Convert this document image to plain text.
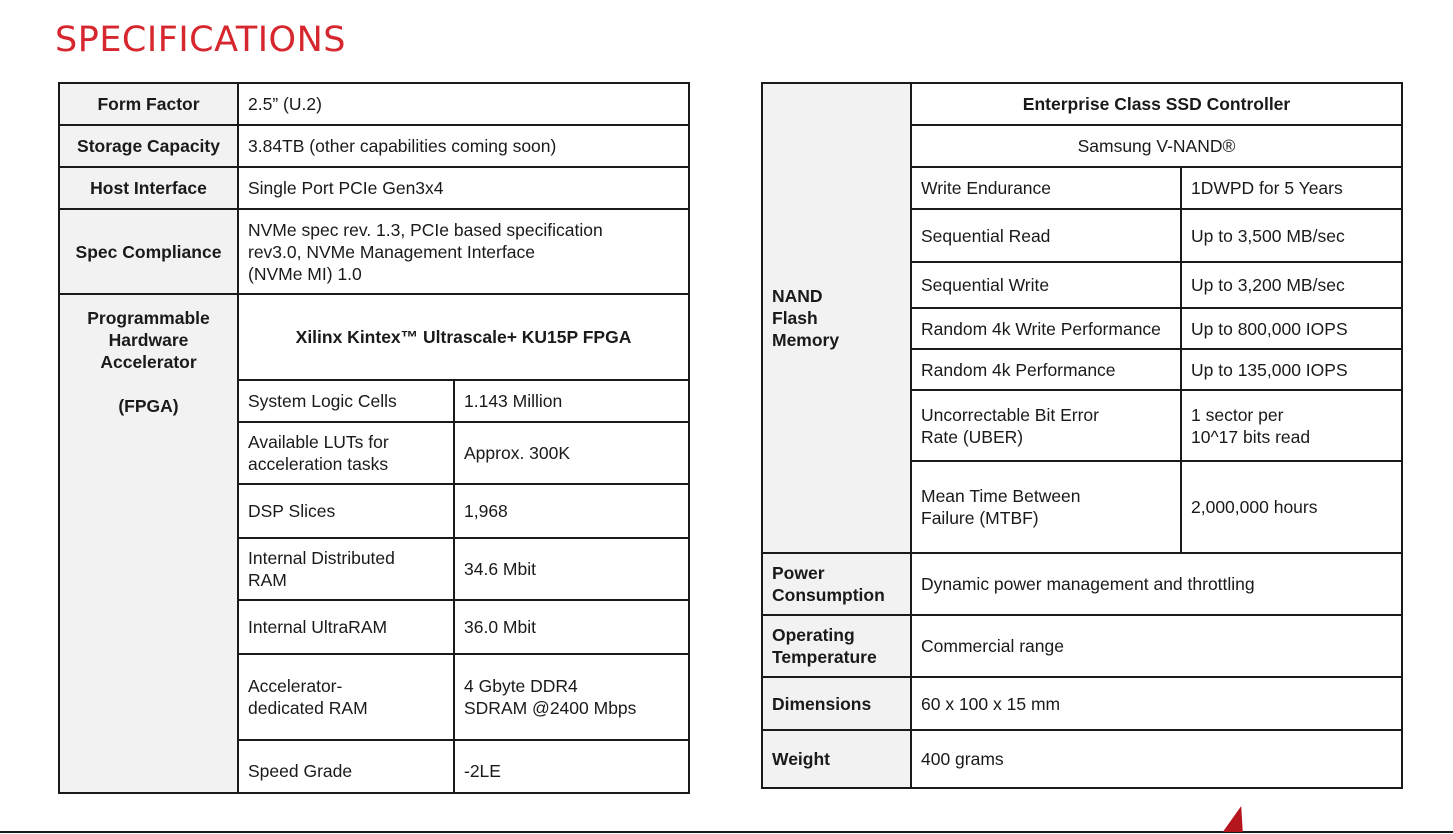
SPECIFICATIONS
Form Factor	2.5” (U.2)	
Storage Capacity	3.84TB (other capabilities coming soon)	
Host Interface	Single Port PCIe Gen3x4	
Spec Compliance	NVMe spec rev. 1.3, PCIe based specification
rev3.0, NVMe Management Interface
(NVMe MI) 1.0	
Programmable
Hardware
Accelerator

(FPGA)	Xilinx Kintex™ Ultrascale+ KU15P FPGA	
	System Logic Cells	1.143 Million
	Available LUTs for
acceleration tasks	Approx. 300K
	DSP Slices	1,968
	Internal Distributed
RAM	34.6 Mbit
	Internal UltraRAM	36.0 Mbit
	Accelerator-
dedicated RAM	4 Gbyte DDR4
SDRAM @2400 Mbps
	Speed Grade	-2LE
NAND
Flash
Memory	Enterprise Class SSD Controller	
	Samsung V-NAND®	
	Write Endurance	1DWPD for 5 Years
	Sequential Read	Up to 3,500 MB/sec
	Sequential Write	Up to 3,200 MB/sec
	Random 4k Write Performance	Up to 800,000 IOPS
	Random 4k Performance	Up to 135,000 IOPS
	Uncorrectable Bit Error
Rate (UBER)	1 sector per
10^17 bits read
	Mean Time Between
Failure (MTBF)	2,000,000 hours
Power
Consumption	Dynamic power management and throttling	
Operating
Temperature	Commercial range	
Dimensions	60 x 100 x 15 mm	
Weight	400 grams	
